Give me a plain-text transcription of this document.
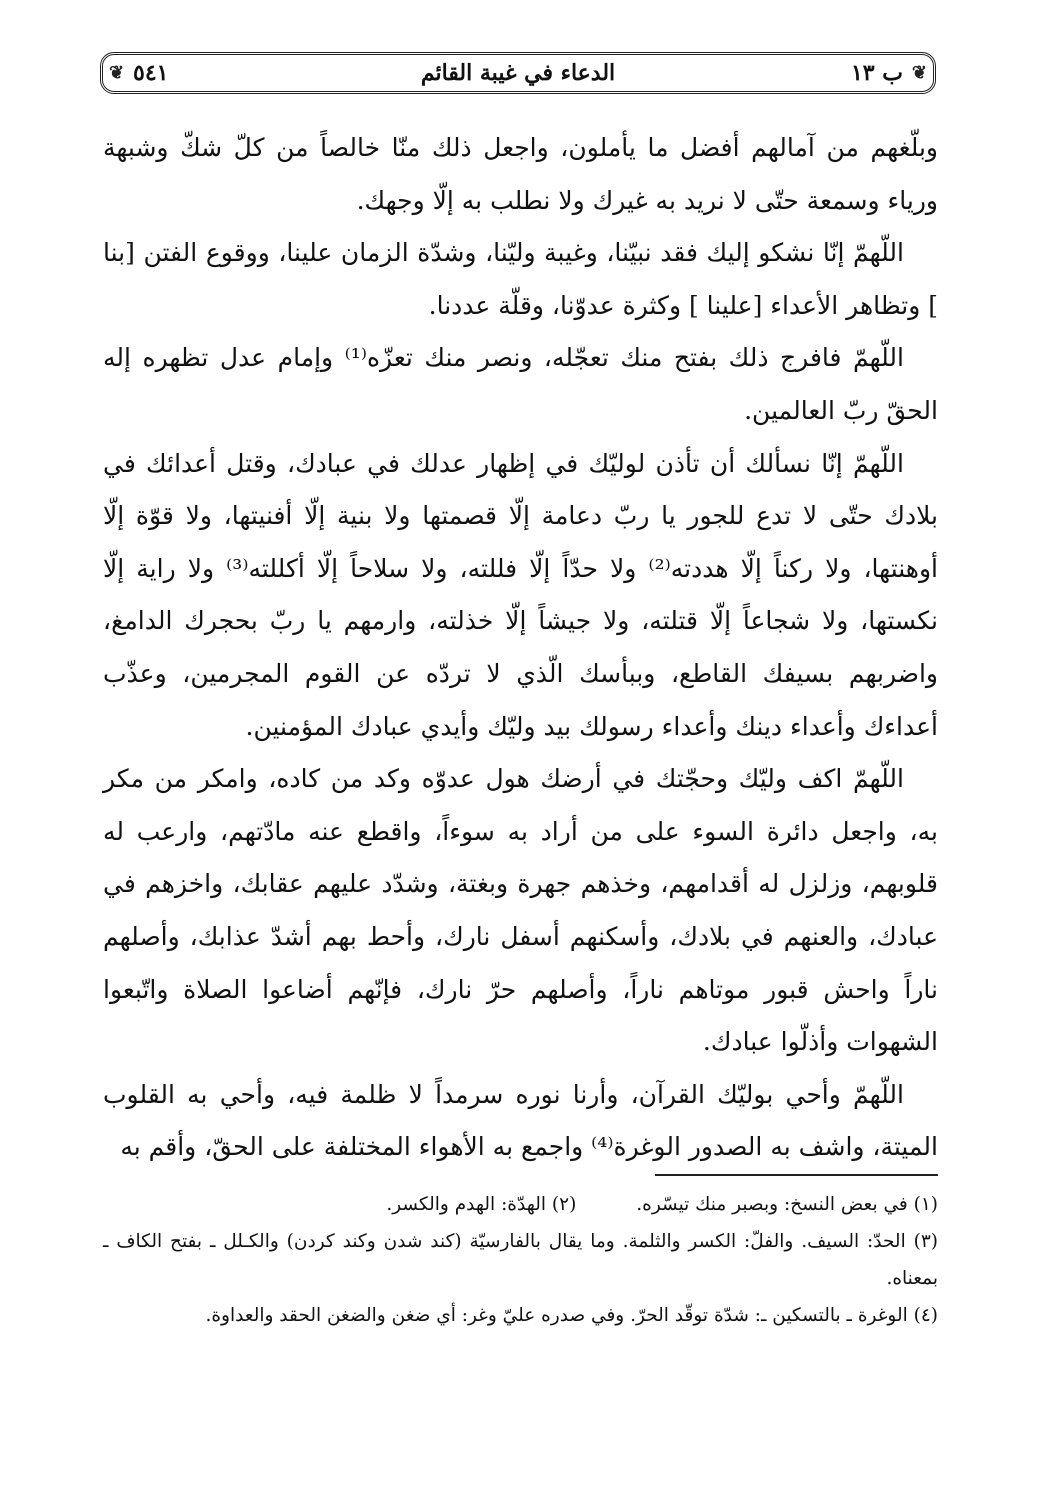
❦
ب ١٣
الدعاء في غيبة القائم
٥٤١
❦

وبلّغهم من آمالهم أفضل ما يأملون، واجعل ذلك منّا خالصاً من كلّ شكّ وشبهة ورياء وسمعة حتّى لا نريد به غيرك ولا نطلب به إلّا وجهك.

اللّهمّ إنّا نشكو إليك فقد نبيّنا، وغيبة وليّنا، وشدّة الزمان علينا، ووقوع الفتن [بنا ] وتظاهر الأعداء [علينا ] وكثرة عدوّنا، وقلّة عددنا.

اللّهمّ فافرج ذلك بفتح منك تعجّله، ونصر منك تعزّه⁽¹⁾ وإمام عدل تظهره إله الحقّ ربّ العالمين.

اللّهمّ إنّا نسألك أن تأذن لوليّك في إظهار عدلك في عبادك، وقتل أعدائك في بلادك حتّى لا تدع للجور يا ربّ دعامة إلّا قصمتها ولا بنية إلّا أفنيتها، ولا قوّة إلّا أوهنتها، ولا ركناً إلّا هددته⁽²⁾ ولا حدّاً إلّا فللته، ولا سلاحاً إلّا أكللته⁽³⁾ ولا راية إلّا نكستها، ولا شجاعاً إلّا قتلته، ولا جيشاً إلّا خذلته، وارمهم يا ربّ بحجرك الدامغ، واضربهم بسيفك القاطع، وببأسك الّذي لا تردّه عن القوم المجرمين، وعذّب أعداءك وأعداء دينك وأعداء رسولك بيد وليّك وأيدي عبادك المؤمنين.

اللّهمّ اكف وليّك وحجّتك في أرضك هول عدوّه وكد من كاده، وامكر من مكر به، واجعل دائرة السوء على من أراد به سوءاً، واقطع عنه مادّتهم، وارعب له قلوبهم، وزلزل له أقدامهم، وخذهم جهرة وبغتة، وشدّد عليهم عقابك، واخزهم في عبادك، والعنهم في بلادك، وأسكنهم أسفل نارك، وأحط بهم أشدّ عذابك، وأصلهم ناراً واحش قبور موتاهم ناراً، وأصلهم حرّ نارك، فإنّهم أضاعوا الصلاة واتّبعوا الشهوات وأذلّوا عبادك.

اللّهمّ وأحي بوليّك القرآن، وأرنا نوره سرمداً لا ظلمة فيه، وأحي به القلوب الميتة، واشف به الصدور الوغرة⁽⁴⁾ واجمع به الأهواء المختلفة على الحقّ، وأقم به

(١) في بعض النسخ: وبصبر منك تيسّره.
(٢) الهدّة: الهدم والكسر.

(٣) الحدّ: السيف. والفلّ: الكسر والثلمة. وما يقال بالفارسيّة (كند شدن وكند كردن) والكـلل ـ بفتح الكاف ـ بمعناه.

(٤) الوغرة ـ بالتسكين ـ: شدّة توقّد الحرّ. وفي صدره عليّ وغر: أي ضغن والضغن الحقد والعداوة.
